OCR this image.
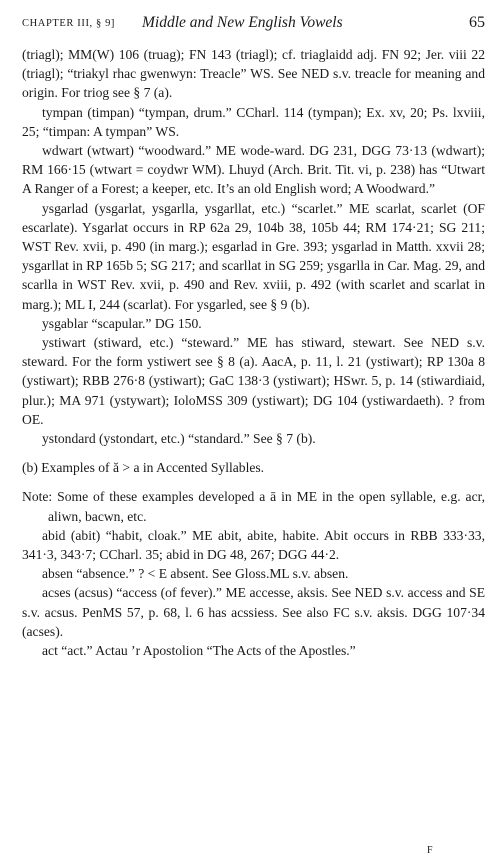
CHAPTER III, § 9] Middle and New English Vowels	65

(triagl); MM(W) 106 (truag); FN 143 (triagl); cf. triaglaidd adj. FN 92; Jer. viii 22 (triagl); “triakyl rhac gwenwyn: Treacle” WS. See NED s.v. treacle for meaning and origin. For triog see § 7 (a).

tympan (timpan) “tympan, drum.” CCharl. 114 (tympan); Ex. xv, 20; Ps. lxviii, 25; “timpan: A tympan” WS.

wdwart (wtwart) “woodward.” ME wode-ward. DG 231, DGG 73·13 (wdwart); RM 166·15 (wtwart = coydwr WM). Lhuyd (Arch. Brit. Tit. vi, p. 238) has “Utwart A Ranger of a Forest; a keeper, etc. It’s an old English word; A Woodward.”

ysgarlad (ysgarlat, ysgarlla, ysgarllat, etc.) “scarlet.” ME scarlat, scarlet (OF escarlate). Ysgarlat occurs in RP 62a 29, 104b 38, 105b 44; RM 174·21; SG 211; WST Rev. xvii, p. 490 (in marg.); esgarlad in Gre. 393; ysgarlad in Matth. xxvii 28; ysgarllat in RP 165b 5; SG 217; and scarllat in SG 259; ysgarlla in Car. Mag. 29, and scarlla in WST Rev. xvii, p. 490 and Rev. xviii, p. 492 (with scarlet and scarlat in marg.); ML I, 244 (scarlat). For ysgarled, see § 9 (b).

ysgablar “scapular.” DG 150.

ystiwart (stiward, etc.) “steward.” ME has stiward, stewart. See NED s.v. steward. For the form ystiwert see § 8 (a). AacA, p. 11, l. 21 (ystiwart); RP 130a 8 (ystiwart); RBB 276·8 (ystiwart); GaC 138·3 (ystiwart); HSwr. 5, p. 14 (stiwardiaid, plur.); MA 971 (ystywart); IoloMSS 309 (ystiwart); DG 104 (ystiwardaeth). ? from OE.

ystondard (ystondart, etc.) “standard.” See § 7 (b).

(b) Examples of ă > a in Accented Syllables.

Note: Some of these examples developed a ā in ME in the open syllable, e.g. acr, aliwn, bacwn, etc.

abid (abit) “habit, cloak.” ME abit, abite, habite. Abit occurs in RBB 333·33, 341·3, 343·7; CCharl. 35; abid in DG 48, 267; DGG 44·2.

absen “absence.” ? < E absent. See Gloss.ML s.v. absen.

acses (acsus) “access (of fever).” ME accesse, aksis. See NED s.v. access and SE s.v. acsus. PenMS 57, p. 68, l. 6 has acssiess. See also FC s.v. aksis. DGG 107·34 (acses).

act “act.” Actau ’r Apostolion “The Acts of the Apostles.”

F
